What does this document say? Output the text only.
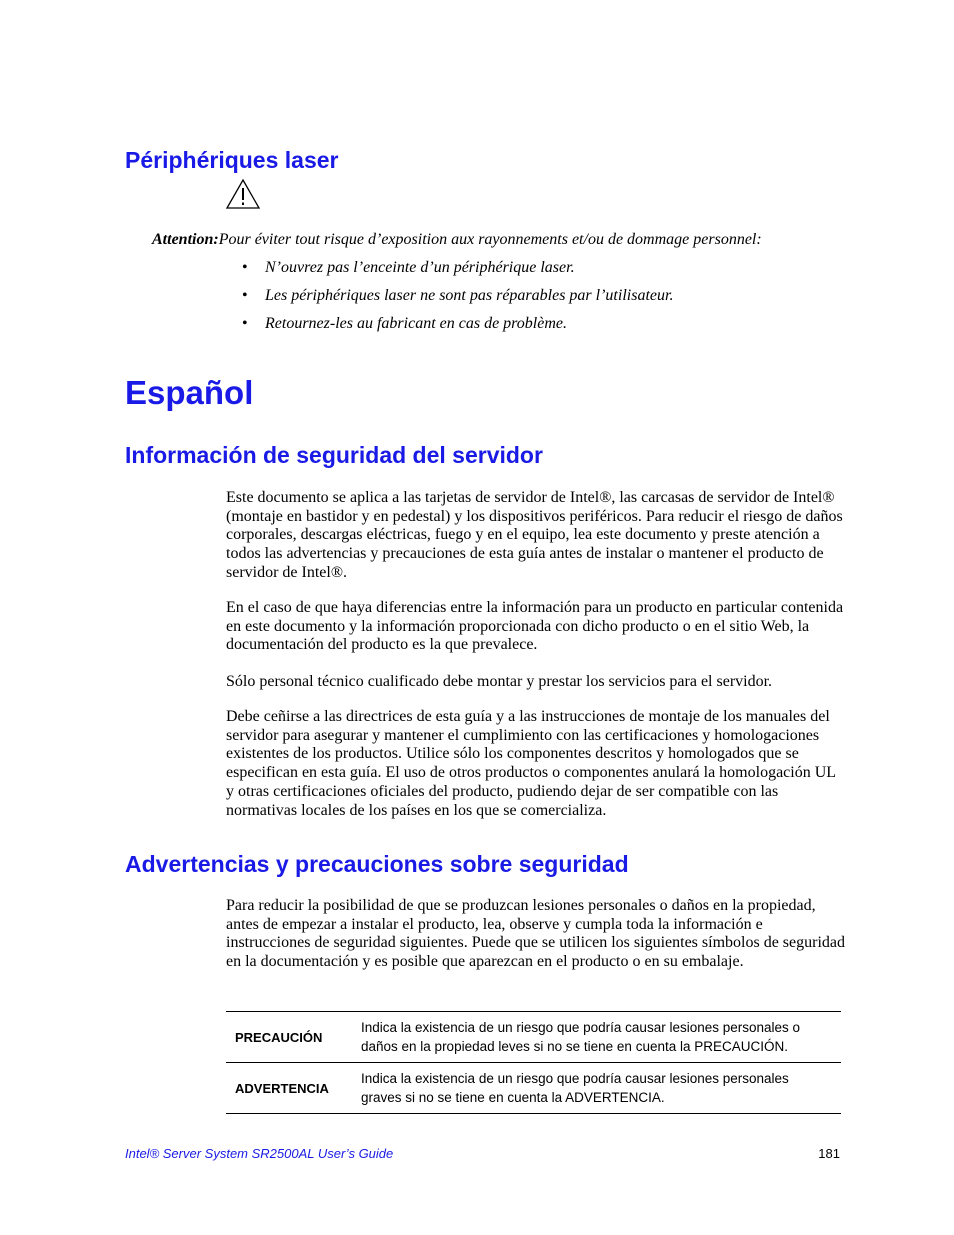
Périphériques laser
Attention:Pour éviter tout risque d’exposition aux rayonnements et/ou de dommage personnel:
• N’ouvrez pas l’enceinte d’un périphérique laser.
• Les périphériques laser ne sont pas réparables par l’utilisateur.
• Retournez-les au fabricant en cas de problème.
Español
Información de seguridad del servidor

Este documento se aplica a las tarjetas de servidor de Intel®, las carcasas de servidor de Intel® (montaje en bastidor y en pedestal) y los dispositivos periféricos. Para reducir el riesgo de daños corporales, descargas eléctricas, fuego y en el equipo, lea este documento y preste atención a todos las advertencias y precauciones de esta guía antes de instalar o mantener el producto de servidor de Intel®.

En el caso de que haya diferencias entre la información para un producto en particular contenida en este documento y la información proporcionada con dicho producto o en el sitio Web, la documentación del producto es la que prevalece.

Sólo personal técnico cualificado debe montar y prestar los servicios para el servidor.

Debe ceñirse a las directrices de esta guía y a las instrucciones de montaje de los manuales del servidor para asegurar y mantener el cumplimiento con las certificaciones y homologaciones existentes de los productos. Utilice sólo los componentes descritos y homologados que se especifican en esta guía. El uso de otros productos o componentes anulará la homologación UL y otras certificaciones oficiales del producto, pudiendo dejar de ser compatible con las normativas locales de los países en los que se comercializa.

Advertencias y precauciones sobre seguridad

Para reducir la posibilidad de que se produzcan lesiones personales o daños en la propiedad, antes de empezar a instalar el producto, lea, observe y cumpla toda la información e instrucciones de seguridad siguientes. Puede que se utilicen los siguientes símbolos de seguridad en la documentación y es posible que aparezcan en el producto o en su embalaje.

PRECAUCIÓN	Indica la existencia de un riesgo que podría causar lesiones personales o daños en la propiedad leves si no se tiene en cuenta la PRECAUCIÓN.
ADVERTENCIA	Indica la existencia de un riesgo que podría causar lesiones personales graves si no se tiene en cuenta la ADVERTENCIA.
Intel® Server System SR2500AL User’s Guide	181
